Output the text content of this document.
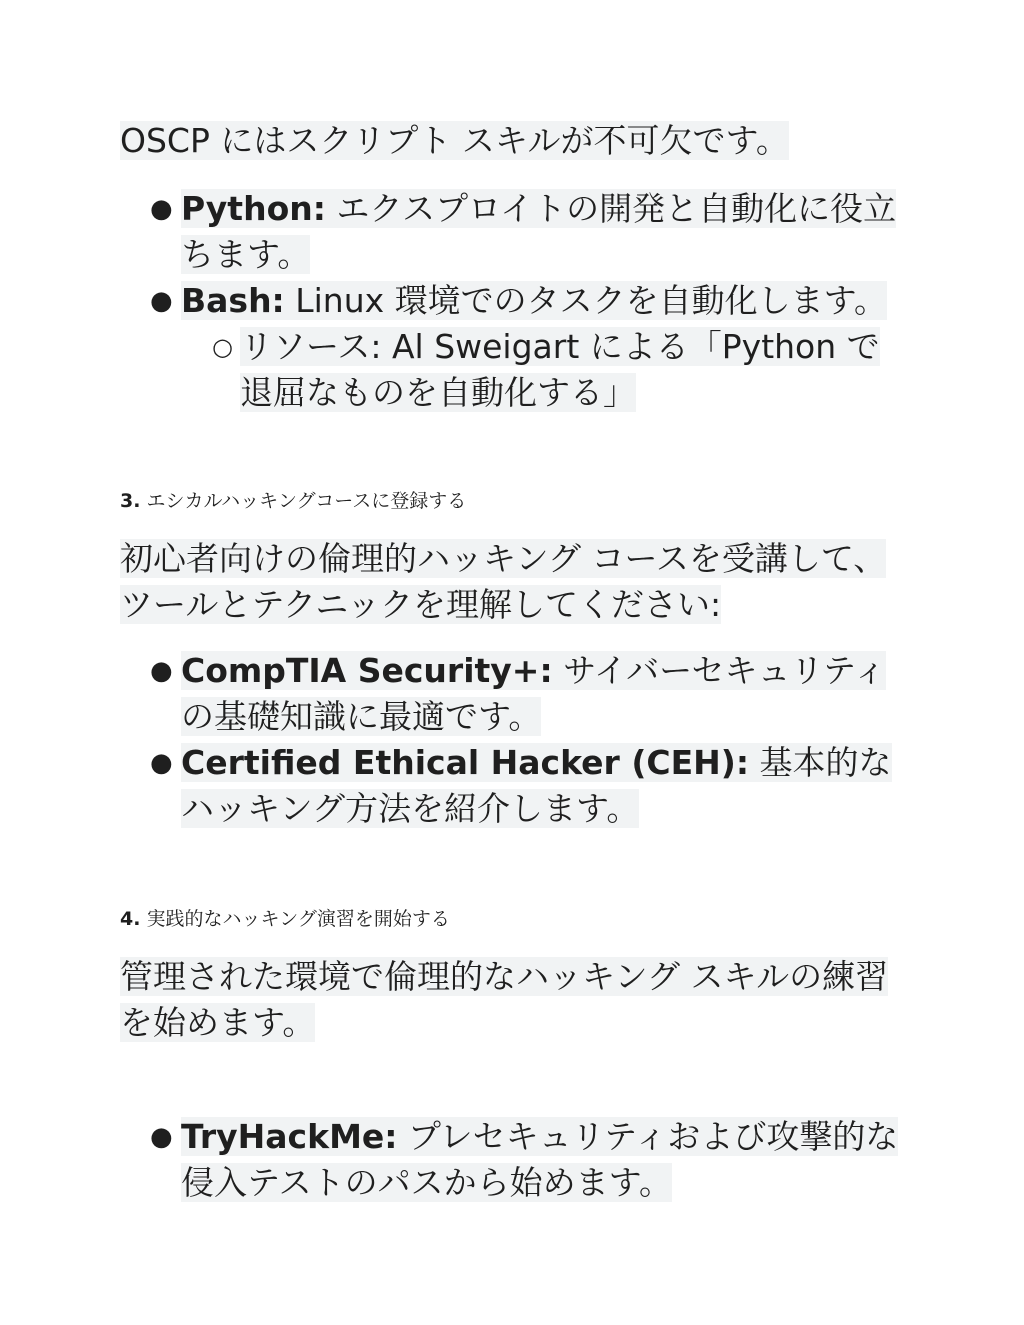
OSCP にはスクリプト スキルが不可欠です。

● Python: エクスプロイトの開発と自動化に役立ちます。
● Bash: Linux 環境でのタスクを自動化します。
○ リソース: Al Sweigart による「Python で退屈なものを自動化する」
3. エシカルハッキングコースに登録する

初心者向けの倫理的ハッキング コースを受講して、ツールとテクニックを理解してください:

● CompTIA Security+: サイバーセキュリティの基礎知識に最適です。
● Certified Ethical Hacker (CEH): 基本的なハッキング方法を紹介します。
4. 実践的なハッキング演習を開始する

管理された環境で倫理的なハッキング スキルの練習を始めます。

● TryHackMe: プレセキュリティおよび攻撃的な侵入テストのパスから始めます。
